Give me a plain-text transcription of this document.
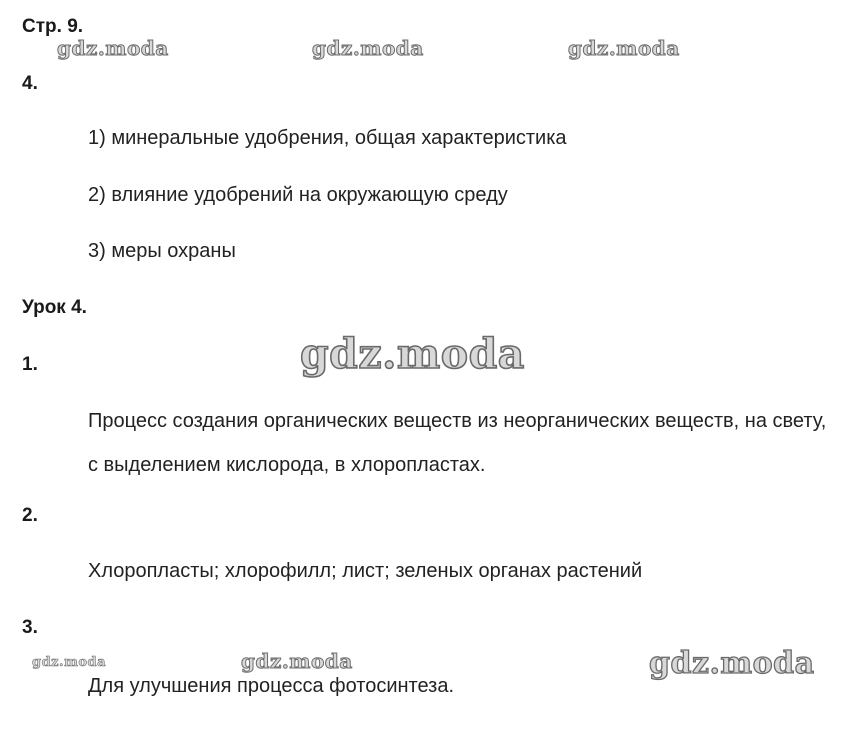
Стр. 9.
gdz.moda	gdz.moda	gdz.moda
4.
1) минеральные удобрения, общая характеристика
2) влияние удобрений на окружающую среду
3) меры охраны
Урок 4.
gdz.moda
1.
Процесс создания органических веществ из неорганических веществ, на свету, с выделением кислорода, в хлоропластах.
2.
Хлоропласты; хлорофилл; лист; зеленых органах растений
3.
gdz.moda	gdz.moda	gdz.moda
Для улучшения процесса фотосинтеза.
